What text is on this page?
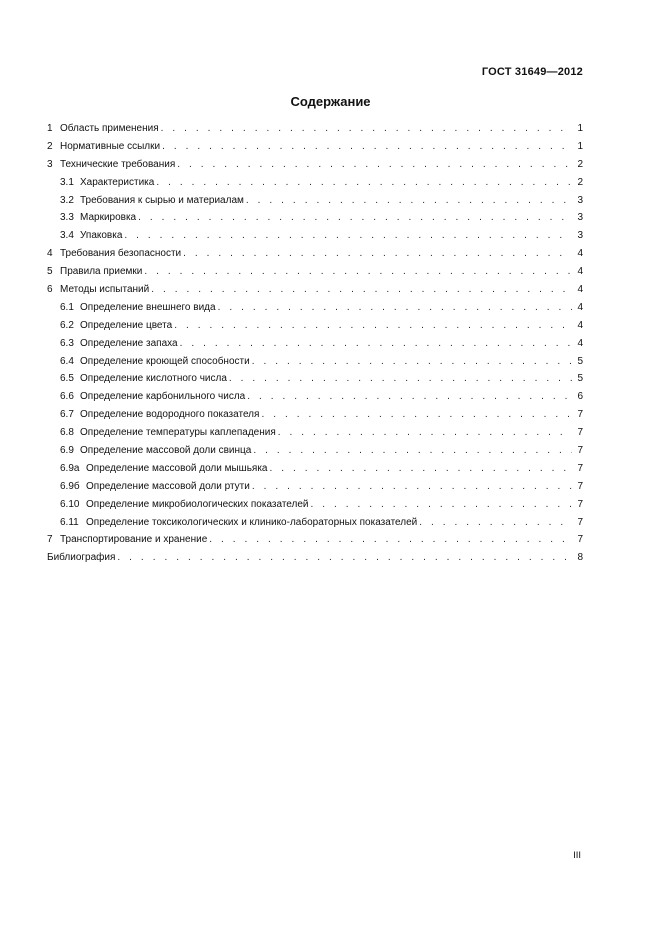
ГОСТ 31649—2012
Содержание
1 Область применения . . .	1
2 Нормативные ссылки . . .	1
3 Технические требования . . .	2
3.1 Характеристика . . .	2
3.2 Требования к сырью и материалам . . .	3
3.3 Маркировка . . .	3
3.4 Упаковка . . .	3
4 Требования безопасности . . .	4
5 Правила приемки . . .	4
6 Методы испытаний . . .	4
6.1 Определение внешнего вида . . .	4
6.2 Определение цвета . . .	4
6.3 Определение запаха . . .	4
6.4 Определение кроющей способности . . .	5
6.5 Определение кислотного числа . . .	5
6.6 Определение карбонильного числа . . .	6
6.7 Определение водородного показателя . . .	7
6.8 Определение температуры каплепадения . . .	7
6.9 Определение массовой доли свинца . . .	7
6.9а Определение массовой доли мышьяка . . .	7
6.9б Определение массовой доли ртути . . .	7
6.10 Определение микробиологических показателей . . .	7
6.11 Определение токсикологических и клинико-лабораторных показателей . . .	7
7 Транспортирование и хранение . . .	7
Библиография . . .	8
III
